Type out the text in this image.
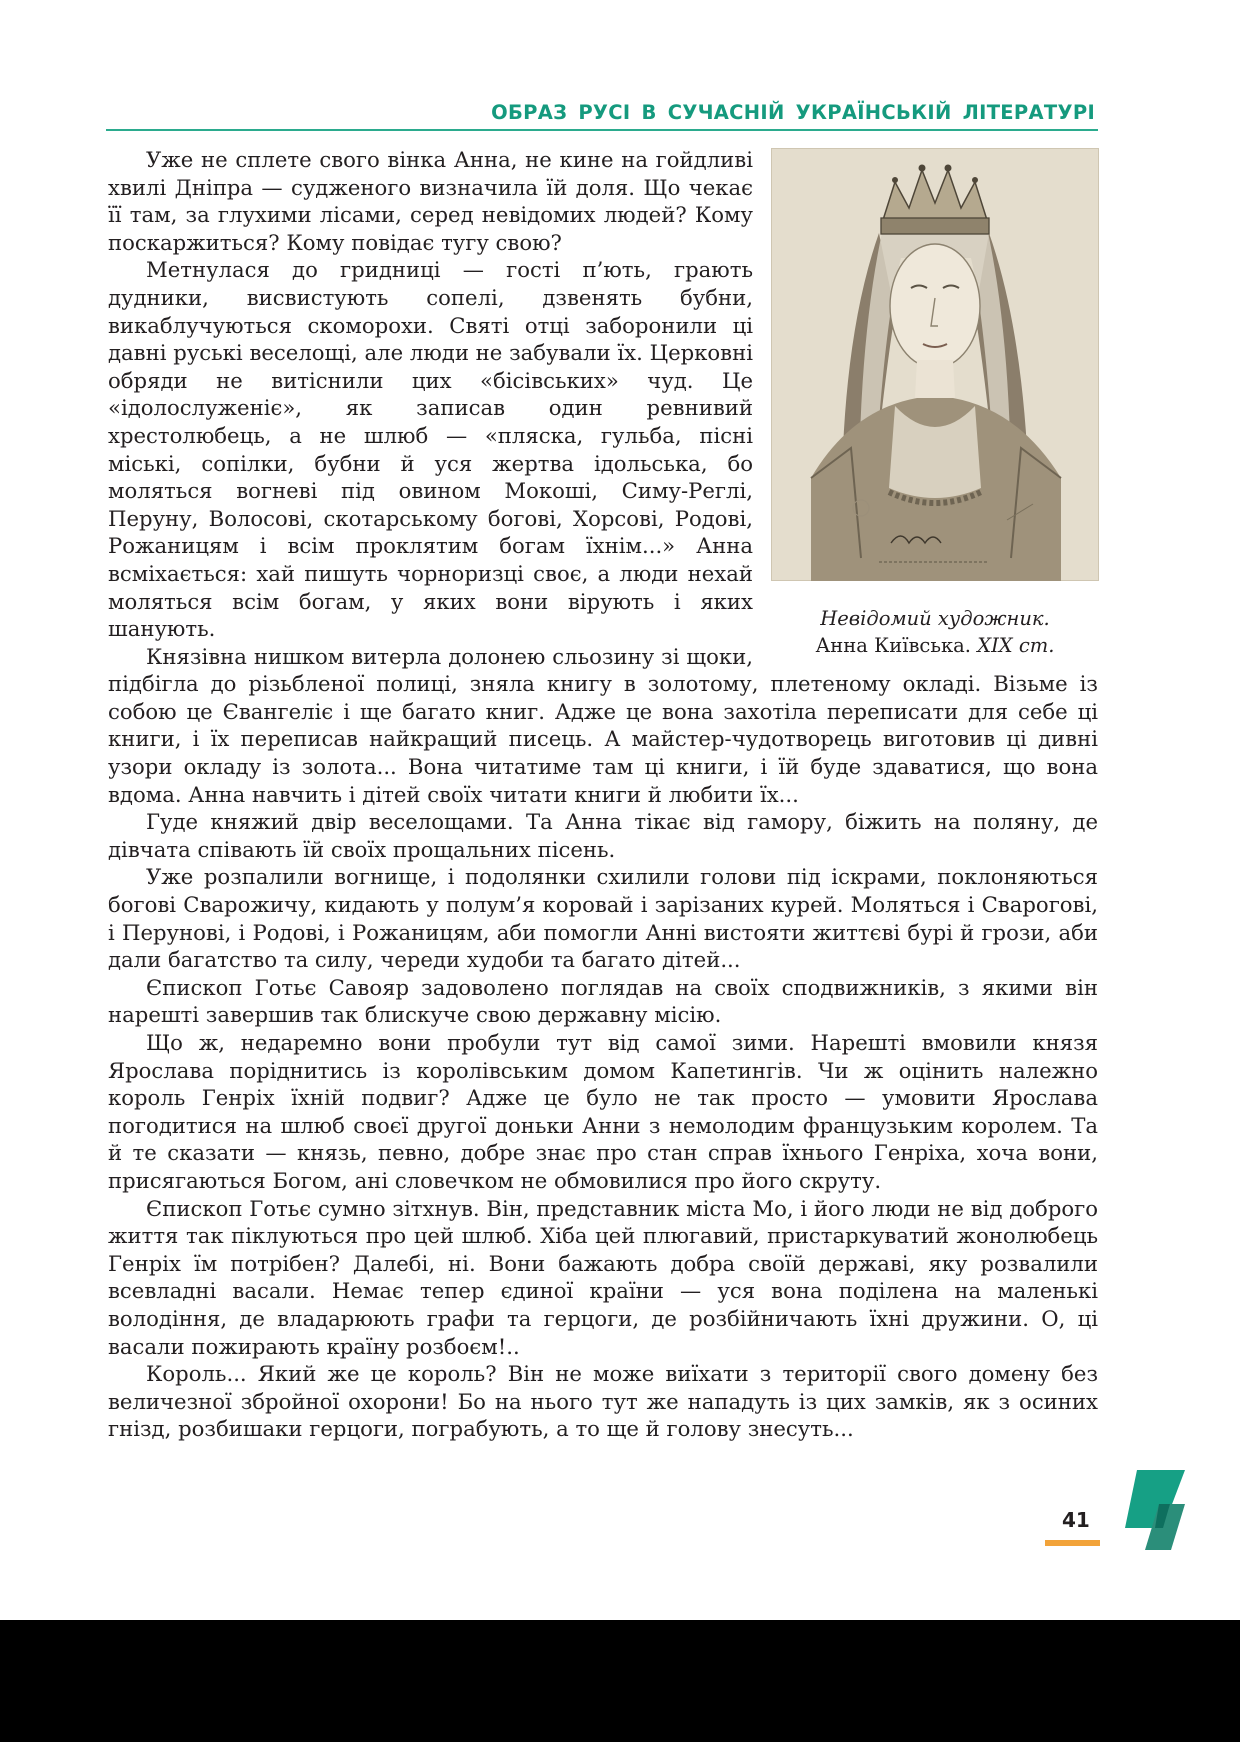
ОБРАЗ РУСІ В СУЧАСНІЙ УКРАЇНСЬКІЙ ЛІТЕРАТУРІ
Невідомий художник.
Анна Київська. XIX ст.

Уже не сплете свого вінка Анна, не кине на гойдливі хвилі Дніпра — судженого визначила їй доля. Що чекає її там, за глухими лісами, серед невідомих людей? Кому поскаржиться? Кому повідає тугу свою?

Метнулася до гридниці — гості п’ють, грають дудники, висвистують сопелі, дзвенять бубни, викаблучуються скоморохи. Святі отці заборонили ці давні руські веселощі, але люди не забували їх. Церковні обряди не витіснили цих «бісівських» чуд. Це «ідолослуженіє», як записав один ревнивий хрестолюбець, а не шлюб — «пляска, гульба, пісні міські, сопілки, бубни й уся жертва ідольська, бо моляться вогневі під овином Мокоші, Симу-Реглі, Перуну, Волосові, скотарському богові, Хорсові, Родові, Рожаницям і всім проклятим богам їхнім...» Анна всміхається: хай пишуть чорноризці своє, а люди нехай моляться всім богам, у яких вони вірують і яких шанують.

Князівна нишком витерла долонею сльозину зі щоки, підбігла до різьбленої полиці, зняла книгу в золотому, плетеному окладі. Візьме із собою це Євангеліє і ще багато книг. Адже це вона захотіла переписати для себе ці книги, і їх переписав найкращий писець. А майстер-чудотворець виготовив ці дивні узори окладу із золота... Вона читатиме там ці книги, і їй буде здаватися, що вона вдома. Анна навчить і дітей своїх читати книги й любити їх...

Гуде княжий двір веселощами. Та Анна тікає від гамору, біжить на поляну, де дівчата співають їй своїх прощальних пісень.

Уже розпалили вогнище, і подолянки схилили голови під іскрами, поклоняються богові Сварожичу, кидають у полум’я коровай і зарізаних курей. Моляться і Сварогові, і Перунові, і Родові, і Рожаницям, аби помогли Анні вистояти життєві бурі й грози, аби дали багатство та силу, череди худоби та багато дітей...

Єпископ Готьє Савояр задоволено поглядав на своїх сподвижників, з якими він нарешті завершив так блискуче свою державну місію.

Що ж, недаремно вони пробули тут від самої зими. Нарешті вмовили князя Ярослава поріднитись із королівським домом Капетингів. Чи ж оцінить належно король Генріх їхній подвиг? Адже це було не так просто — умовити Ярослава погодитися на шлюб своєї другої доньки Анни з немолодим французьким королем. Та й те сказати — князь, певно, добре знає про стан справ їхнього Генріха, хоча вони, присягаються Богом, ані словечком не обмовилися про його скруту.

Єпископ Готьє сумно зітхнув. Він, представник міста Мо, і його люди не від доброго життя так піклуються про цей шлюб. Хіба цей плюгавий, пристаркуватий жонолюбець Генріх їм потрібен? Далебі, ні. Вони бажають добра своїй державі, яку розвалили всевладні васали. Немає тепер єдиної країни — уся вона поділена на маленькі володіння, де владарюють графи та герцоги, де розбійничають їхні дружини. О, ці васали пожирають країну розбоєм!..

Король... Який же це король? Він не може виїхати з території свого домену без величезної збройної охорони! Бо на нього тут же нападуть із цих замків, як з осиних гнізд, розбишаки герцоги, пограбують, а то ще й голову знесуть...

41
